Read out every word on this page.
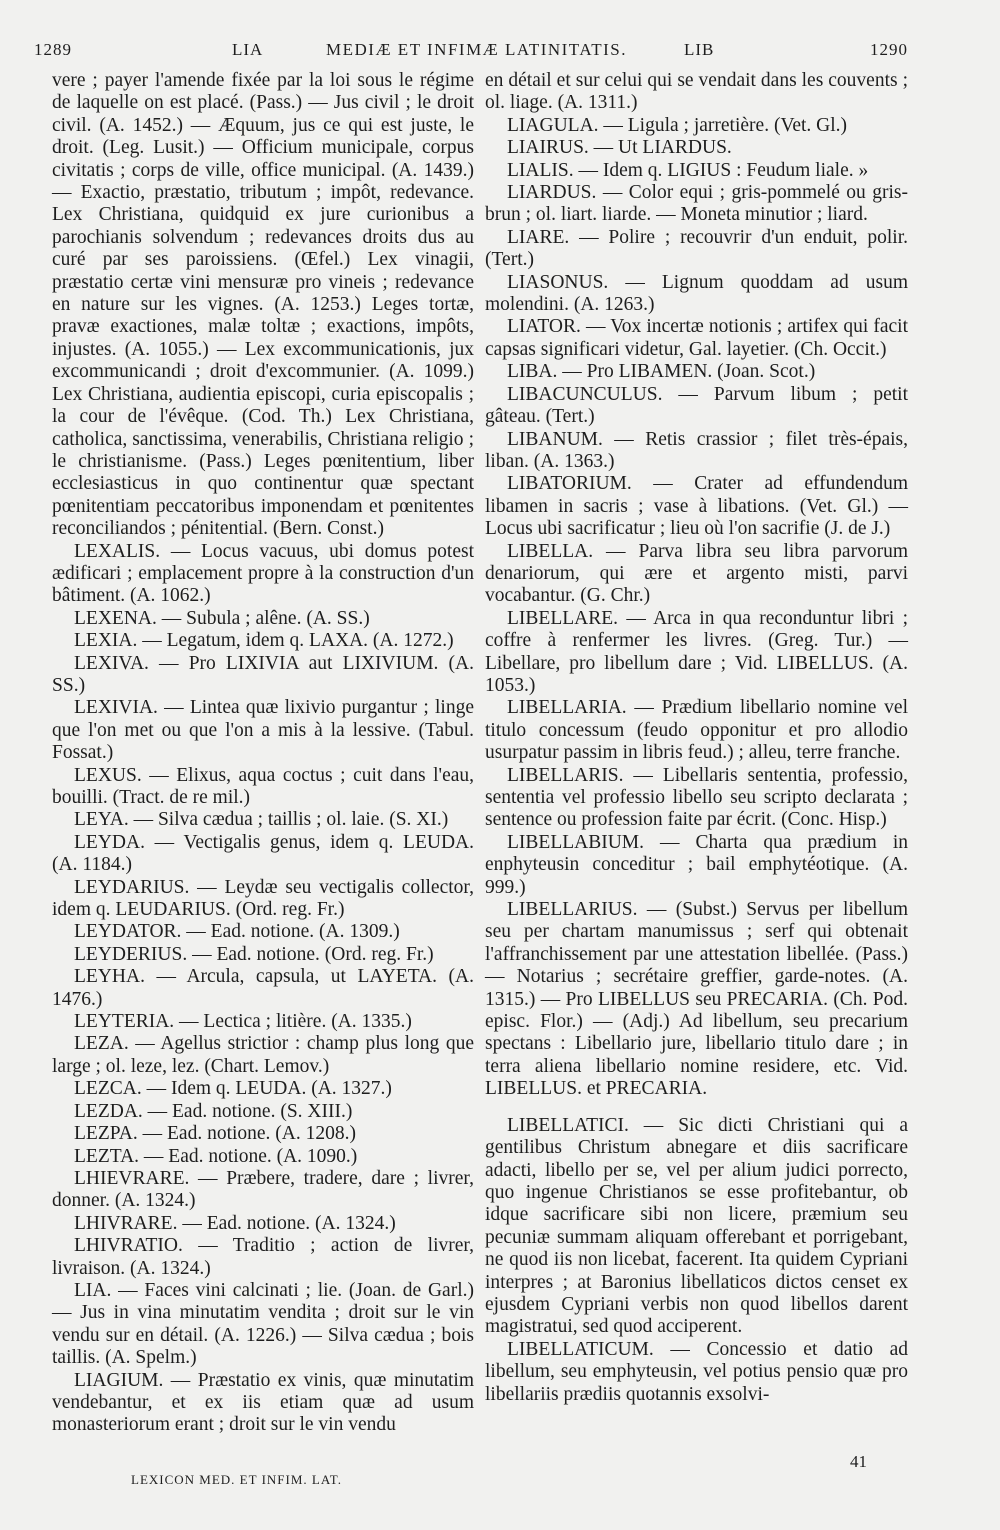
1289	LIA	MEDIÆ ET INFIMÆ LATINITATIS.	LIB	1290

vere ; payer l'amende fixée par la loi sous le régime de laquelle on est placé. (Pass.) — Jus civil ; le droit civil. (A. 1452.) — Æquum, jus ce qui est juste, le droit. (Leg. Lusit.) — Officium municipale, corpus civitatis ; corps de ville, office municipal. (A. 1439.) — Exactio, præstatio, tributum ; impôt, redevance. Lex Christiana, quidquid ex jure curionibus a parochianis solvendum ; redevances droits dus au curé par ses paroissiens. (Œfel.) Lex vinagii, præstatio certæ vini mensuræ pro vineis ; redevance en nature sur les vignes. (A. 1253.) Leges tortæ, pravæ exactiones, malæ toltæ ; exactions, impôts, injustes. (A. 1055.) — Lex excommunicationis, jux excommunicandi ; droit d'excommunier. (A. 1099.) Lex Christiana, audientia episcopi, curia episcopalis ; la cour de l'évêque. (Cod. Th.) Lex Christiana, catholica, sanctissima, venerabilis, Christiana religio ; le christianisme. (Pass.) Leges pœnitentium, liber ecclesiasticus in quo continentur quæ spectant pœnitentiam peccatoribus imponendam et pœnitentes reconciliandos ; pénitential. (Bern. Const.)

LEXALIS. — Locus vacuus, ubi domus potest ædificari ; emplacement propre à la construction d'un bâtiment. (A. 1062.)

LEXENA. — Subula ; alêne. (A. SS.)

LEXIA. — Legatum, idem q. LAXA. (A. 1272.)

LEXIVA. — Pro LIXIVIA aut LIXIVIUM. (A. SS.)

LEXIVIA. — Lintea quæ lixivio purgantur ; linge que l'on met ou que l'on a mis à la lessive. (Tabul. Fossat.)

LEXUS. — Elixus, aqua coctus ; cuit dans l'eau, bouilli. (Tract. de re mil.)

LEYA. — Silva cædua ; taillis ; ol. laie. (S. XI.)

LEYDA. — Vectigalis genus, idem q. LEUDA. (A. 1184.)

LEYDARIUS. — Leydæ seu vectigalis collector, idem q. LEUDARIUS. (Ord. reg. Fr.)

LEYDATOR. — Ead. notione. (A. 1309.)

LEYDERIUS. — Ead. notione. (Ord. reg. Fr.)

LEYHA. — Arcula, capsula, ut LAYETA. (A. 1476.)

LEYTERIA. — Lectica ; litière. (A. 1335.)

LEZA. — Agellus strictior : champ plus long que large ; ol. leze, lez. (Chart. Lemov.)

LEZCA. — Idem q. LEUDA. (A. 1327.)

LEZDA. — Ead. notione. (S. XIII.)

LEZPA. — Ead. notione. (A. 1208.)

LEZTA. — Ead. notione. (A. 1090.)

LHIEVRARE. — Præbere, tradere, dare ; livrer, donner. (A. 1324.)

LHIVRARE. — Ead. notione. (A. 1324.)

LHIVRATIO. — Traditio ; action de livrer, livraison. (A. 1324.)

LIA. — Faces vini calcinati ; lie. (Joan. de Garl.) — Jus in vina minutatim vendita ; droit sur le vin vendu sur en détail. (A. 1226.) — Silva cædua ; bois taillis. (A. Spelm.)

LIAGIUM. — Præstatio ex vinis, quæ minutatim vendebantur, et ex iis etiam quæ ad usum monasteriorum erant ; droit sur le vin vendu

en détail et sur celui qui se vendait dans les couvents ; ol. liage. (A. 1311.)

LIAGULA. — Ligula ; jarretière. (Vet. Gl.)

LIAIRUS. — Ut LIARDUS.

LIALIS. — Idem q. LIGIUS : Feudum liale. »

LIARDUS. — Color equi ; gris-pommelé ou gris-brun ; ol. liart. liarde. — Moneta minutior ; liard.

LIARE. — Polire ; recouvrir d'un enduit, polir. (Tert.)

LIASONUS. — Lignum quoddam ad usum molendini. (A. 1263.)

LIATOR. — Vox incertæ notionis ; artifex qui facit capsas significari videtur, Gal. layetier. (Ch. Occit.)

LIBA. — Pro LIBAMEN. (Joan. Scot.)

LIBACUNCULUS. — Parvum libum ; petit gâteau. (Tert.)

LIBANUM. — Retis crassior ; filet très-épais, liban. (A. 1363.)

LIBATORIUM. — Crater ad effundendum libamen in sacris ; vase à libations. (Vet. Gl.) — Locus ubi sacrificatur ; lieu où l'on sacrifie (J. de J.)

LIBELLA. — Parva libra seu libra parvorum denariorum, qui ære et argento misti, parvi vocabantur. (G. Chr.)

LIBELLARE. — Arca in qua reconduntur libri ; coffre à renfermer les livres. (Greg. Tur.) — Libellare, pro libellum dare ; Vid. LIBELLUS. (A. 1053.)

LIBELLARIA. — Prædium libellario nomine vel titulo concessum (feudo opponitur et pro allodio usurpatur passim in libris feud.) ; alleu, terre franche.

LIBELLARIS. — Libellaris sententia, professio, sententia vel professio libello seu scripto declarata ; sentence ou profession faite par écrit. (Conc. Hisp.)

LIBELLABIUM. — Charta qua prædium in enphyteusin conceditur ; bail emphytéotique. (A. 999.)

LIBELLARIUS. — (Subst.) Servus per libellum seu per chartam manumissus ; serf qui obtenait l'affranchissement par une attestation libellée. (Pass.) — Notarius ; secrétaire greffier, garde-notes. (A. 1315.) — Pro LIBELLUS seu PRECARIA. (Ch. Pod. episc. Flor.) — (Adj.) Ad libellum, seu precarium spectans : Libellario jure, libellario titulo dare ; in terra aliena libellario nomine residere, etc. Vid. LIBELLUS. et PRECARIA.

LIBELLATICI. — Sic dicti Christiani qui a gentilibus Christum abnegare et diis sacrificare adacti, libello per se, vel per alium judici porrecto, quo ingenue Christianos se esse profitebantur, ob idque sacrificare sibi non licere, præmium seu pecuniæ summam aliquam offerebant et porrigebant, ne quod iis non licebat, facerent. Ita quidem Cypriani interpres ; at Baronius libellaticos dictos censet ex ejusdem Cypriani verbis non quod libellos darent magistratui, sed quod acciperent.

LIBELLATICUM. — Concessio et datio ad libellum, seu emphyteusin, vel potius pensio quæ pro libellariis prædiis quotannis exsolvi-

LEXICON MED. ET INFIM. LAT.
41
